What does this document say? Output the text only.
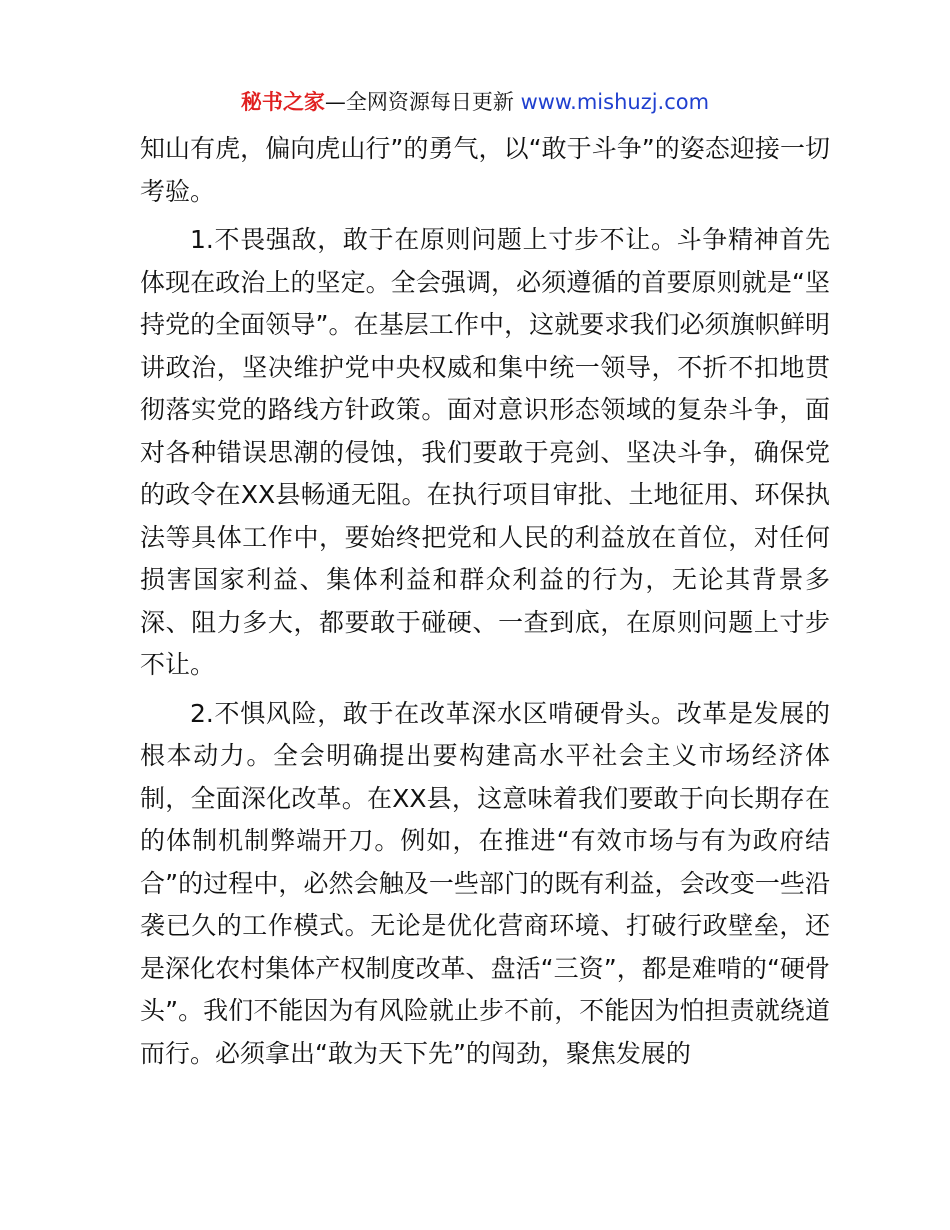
秘书之家—全网资源每日更新 www.mishuzj.com

知山有虎，偏向虎山行”的勇气，以“敢于斗争”的姿态迎接一切考验。

1.不畏强敌，敢于在原则问题上寸步不让。斗争精神首先体现在政治上的坚定。全会强调，必须遵循的首要原则就是“坚持党的全面领导”。在基层工作中，这就要求我们必须旗帜鲜明讲政治，坚决维护党中央权威和集中统一领导，不折不扣地贯彻落实党的路线方针政策。面对意识形态领域的复杂斗争，面对各种错误思潮的侵蚀，我们要敢于亮剑、坚决斗争，确保党的政令在XX县畅通无阻。在执行项目审批、土地征用、环保执法等具体工作中，要始终把党和人民的利益放在首位，对任何损害国家利益、集体利益和群众利益的行为，无论其背景多深、阻力多大，都要敢于碰硬、一查到底，在原则问题上寸步不让。

2.不惧风险，敢于在改革深水区啃硬骨头。改革是发展的根本动力。全会明确提出要构建高水平社会主义市场经济体制，全面深化改革。在XX县，这意味着我们要敢于向长期存在的体制机制弊端开刀。例如，在推进“有效市场与有为政府结合”的过程中，必然会触及一些部门的既有利益，会改变一些沿袭已久的工作模式。无论是优化营商环境、打破行政壁垒，还是深化农村集体产权制度改革、盘活“三资”，都是难啃的“硬骨头”。我们不能因为有风险就止步不前，不能因为怕担责就绕道而行。必须拿出“敢为天下先”的闯劲，聚焦发展的
